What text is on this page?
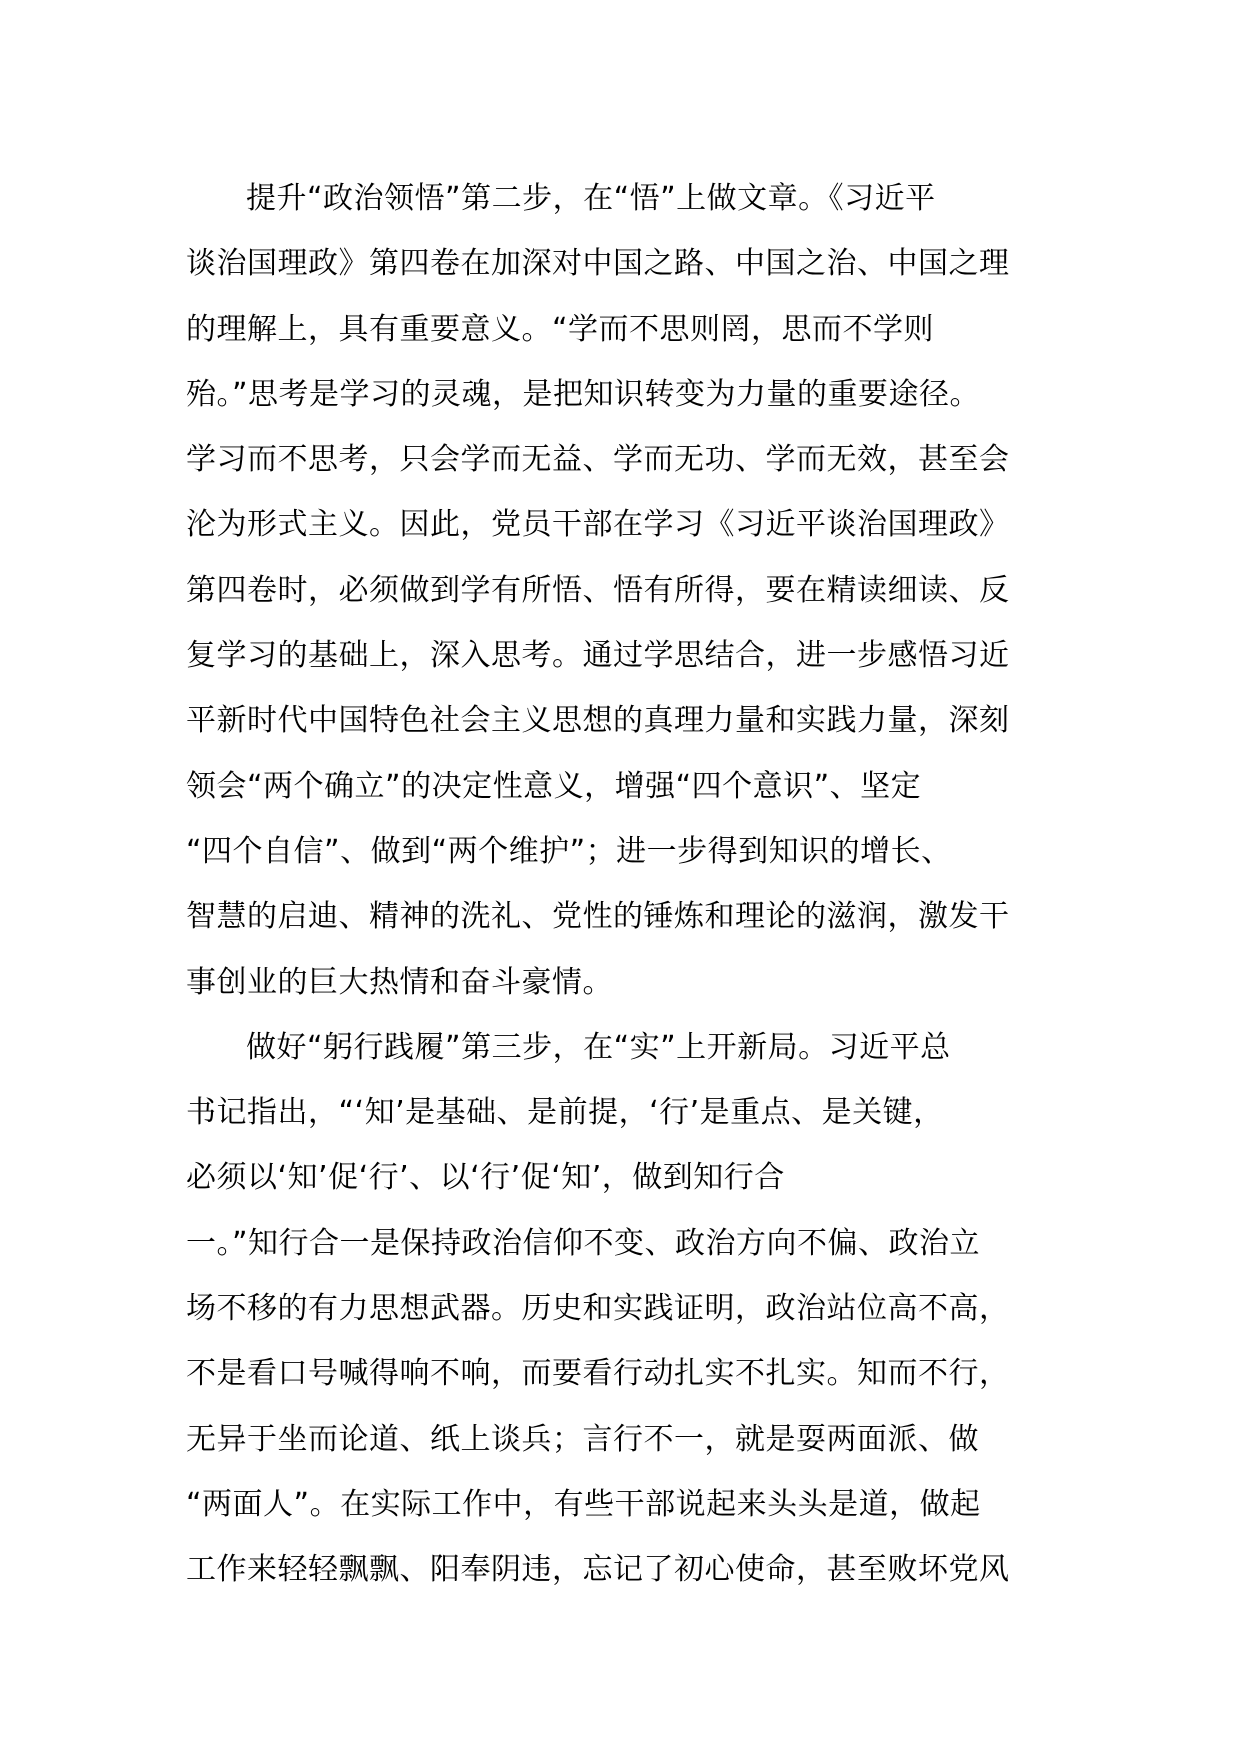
提升“政治领悟”第二步，在“悟”上做文章。《习近平
谈治国理政》第四卷在加深对中国之路、中国之治、中国之理
的理解上，具有重要意义。“学而不思则罔，思而不学则
殆。”思考是学习的灵魂，是把知识转变为力量的重要途径。
学习而不思考，只会学而无益、学而无功、学而无效，甚至会
沦为形式主义。因此，党员干部在学习《习近平谈治国理政》
第四卷时，必须做到学有所悟、悟有所得，要在精读细读、反
复学习的基础上，深入思考。通过学思结合，进一步感悟习近
平新时代中国特色社会主义思想的真理力量和实践力量，深刻
领会“两个确立”的决定性意义，增强“四个意识”、坚定
“四个自信”、做到“两个维护”；进一步得到知识的增长、
智慧的启迪、精神的洗礼、党性的锤炼和理论的滋润，激发干
事创业的巨大热情和奋斗豪情。
做好“躬行践履”第三步，在“实”上开新局。习近平总
书记指出，“‘知’是基础、是前提，‘行’是重点、是关键，
必须以‘知’促‘行’、以‘行’促‘知’，做到知行合
一。”知行合一是保持政治信仰不变、政治方向不偏、政治立
场不移的有力思想武器。历史和实践证明，政治站位高不高，
不是看口号喊得响不响，而要看行动扎实不扎实。知而不行，
无异于坐而论道、纸上谈兵；言行不一，就是耍两面派、做
“两面人”。在实际工作中，有些干部说起来头头是道，做起
工作来轻轻飘飘、阳奉阴违，忘记了初心使命，甚至败坏党风
